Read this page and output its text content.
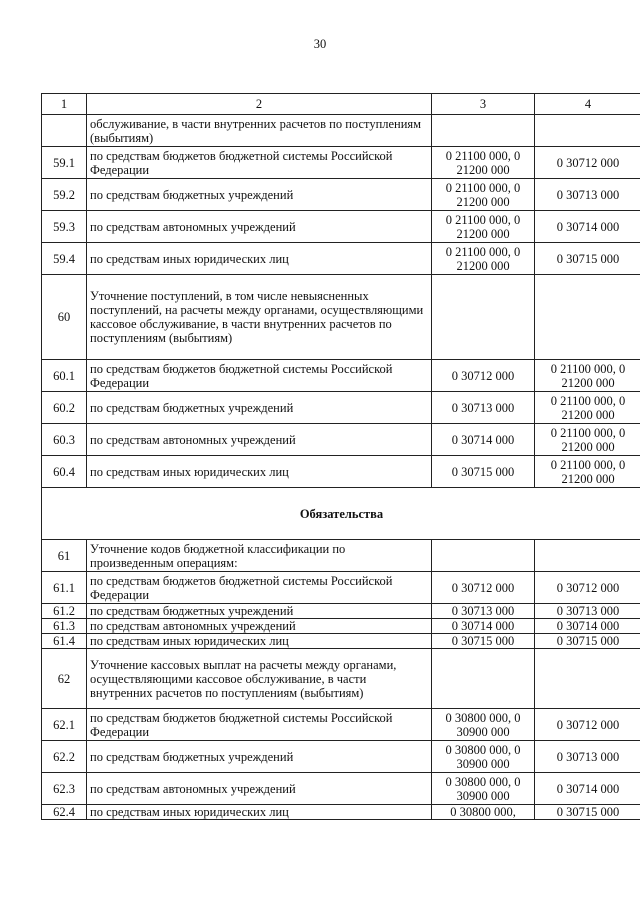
30
1	2	3	4
	обслуживание, в части внутренних расчетов по поступлениям (выбытиям)		
59.1	по средствам бюджетов бюджетной системы Российской Федерации	0 21100 000, 0 21200 000	0 30712 000
59.2	по средствам бюджетных учреждений	0 21100 000, 0 21200 000	0 30713 000
59.3	по средствам автономных учреждений	0 21100 000, 0 21200 000	0 30714 000
59.4	по средствам иных юридических лиц	0 21100 000, 0 21200 000	0 30715 000
60	Уточнение поступлений, в том числе невыясненных поступлений, на расчеты между органами, осуществляющими кассовое обслуживание, в части внутренних расчетов по поступлениям (выбытиям)		
60.1	по средствам бюджетов бюджетной системы Российской Федерации	0 30712 000	0 21100 000, 0 21200 000
60.2	по средствам бюджетных учреждений	0 30713 000	0 21100 000, 0 21200 000
60.3	по средствам автономных учреждений	0 30714 000	0 21100 000, 0 21200 000
60.4	по средствам иных юридических лиц	0 30715 000	0 21100 000, 0 21200 000
Обязательства			
61	Уточнение кодов бюджетной классификации по произведенным операциям:		
61.1	по средствам бюджетов бюджетной системы Российской Федерации	0 30712 000	0 30712 000
61.2	по средствам бюджетных учреждений	0 30713 000	0 30713 000
61.3	по средствам автономных учреждений	0 30714 000	0 30714 000
61.4	по средствам иных юридических лиц	0 30715 000	0 30715 000
62	Уточнение кассовых выплат на расчеты между органами, осуществляющими кассовое обслуживание, в части внутренних расчетов по поступлениям (выбытиям)		
62.1	по средствам бюджетов бюджетной системы Российской Федерации	0 30800 000, 0 30900 000	0 30712 000
62.2	по средствам бюджетных учреждений	0 30800 000, 0 30900 000	0 30713 000
62.3	по средствам автономных учреждений	0 30800 000, 0 30900 000	0 30714 000
62.4	по средствам иных юридических лиц	0 30800 000,	0 30715 000
